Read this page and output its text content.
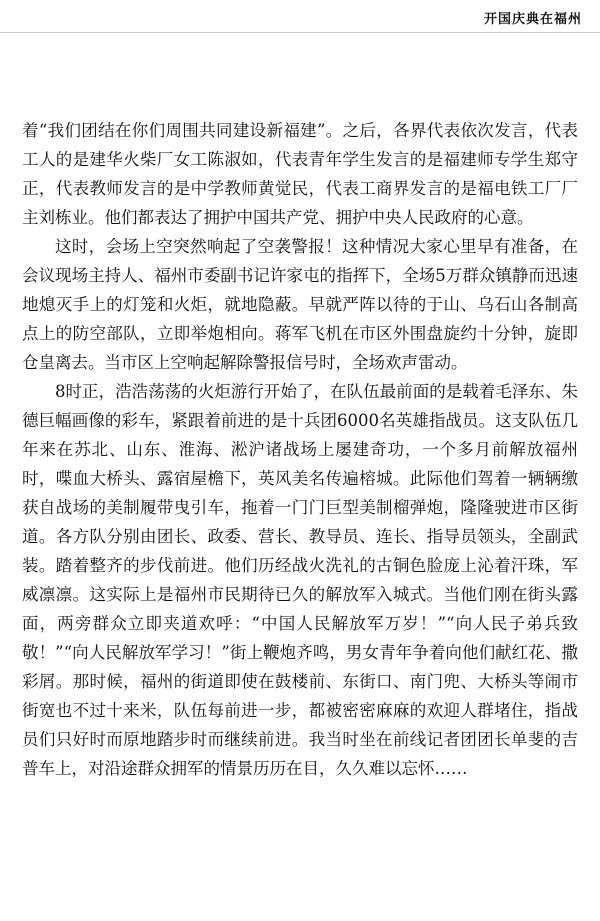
开国庆典在福州

着“我们团结在你们周围共同建设新福建”。之后，各界代表依次发言，代表工人的是建华火柴厂女工陈淑如，代表青年学生发言的是福建师专学生郑守正，代表教师发言的是中学教师黄觉民，代表工商界发言的是福电铁工厂厂主刘栋业。他们都表达了拥护中国共产党、拥护中央人民政府的心意。

这时，会场上空突然响起了空袭警报！这种情况大家心里早有准备，在会议现场主持人、福州市委副书记许家屯的指挥下，全场5万群众镇静而迅速地熄灭手上的灯笼和火炬，就地隐蔽。早就严阵以待的于山、乌石山各制高点上的防空部队，立即举炮相向。蒋军飞机在市区外围盘旋约十分钟，旋即仓皇离去。当市区上空响起解除警报信号时，全场欢声雷动。

8时正，浩浩荡荡的火炬游行开始了，在队伍最前面的是载着毛泽东、朱德巨幅画像的彩车，紧跟着前进的是十兵团6000名英雄指战员。这支队伍几年来在苏北、山东、淮海、淞沪诸战场上屡建奇功，一个多月前解放福州时，喋血大桥头、露宿屋檐下，英风美名传遍榕城。此际他们驾着一辆辆缴获自战场的美制履带曳引车，拖着一门门巨型美制榴弹炮，隆隆驶进市区街道。各方队分别由团长、政委、营长、教导员、连长、指导员领头，全副武装。踏着整齐的步伐前进。他们历经战火洗礼的古铜色脸庞上沁着汗珠，军威凛凛。这实际上是福州市民期待已久的解放军入城式。当他们刚在街头露面，两旁群众立即夹道欢呼：“中国人民解放军万岁！”“向人民子弟兵致敬！”“向人民解放军学习！”街上鞭炮齐鸣，男女青年争着向他们献红花、撒彩屑。那时候，福州的街道即使在鼓楼前、东街口、南门兜、大桥头等闹市街宽也不过十来米，队伍每前进一步，都被密密麻麻的欢迎人群堵住，指战员们只好时而原地踏步时而继续前进。我当时坐在前线记者团团长单斐的吉普车上，对沿途群众拥军的情景历历在目，久久难以忘怀……
